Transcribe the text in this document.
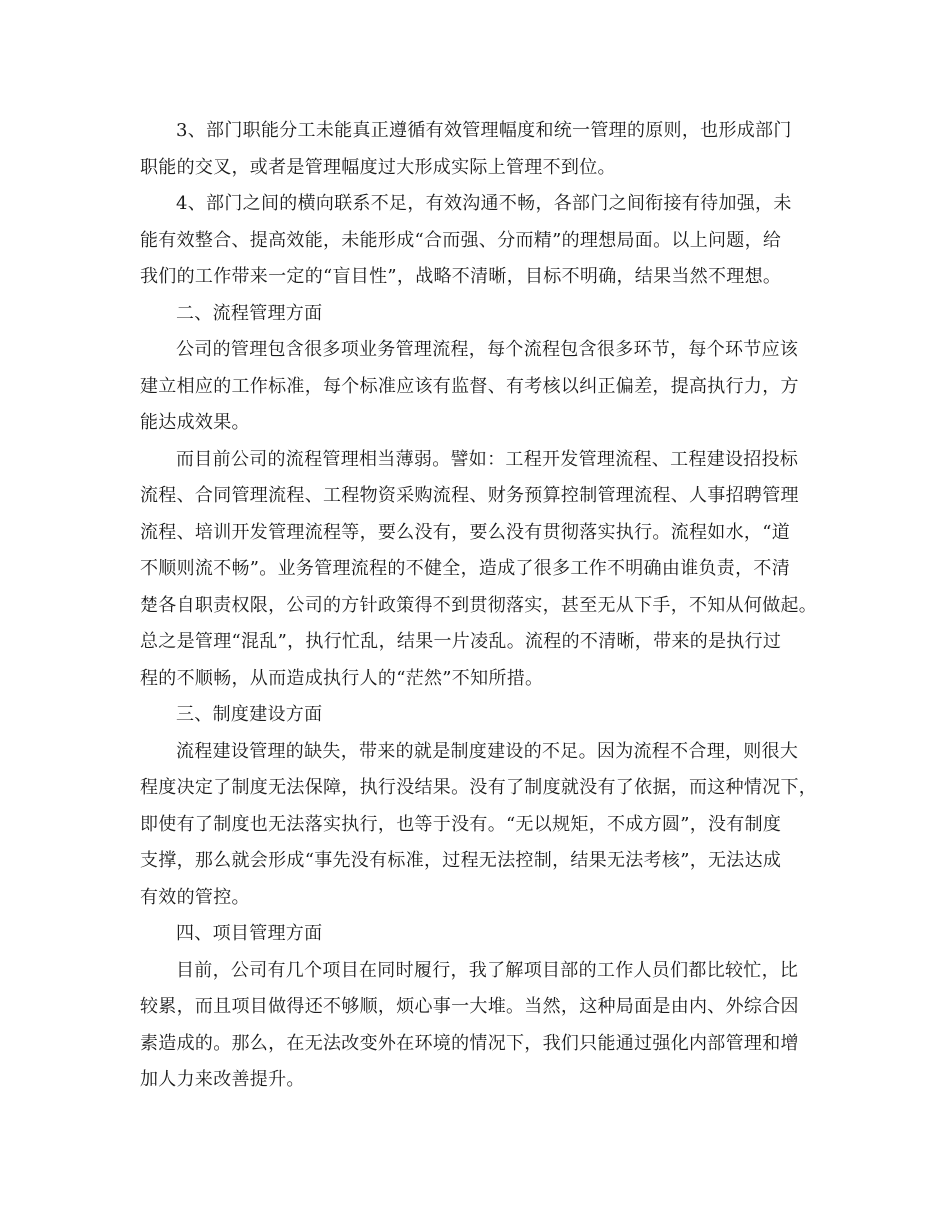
3、部门职能分工未能真正遵循有效管理幅度和统一管理的原则，也形成部门
职能的交叉，或者是管理幅度过大形成实际上管理不到位。

4、部门之间的横向联系不足，有效沟通不畅，各部门之间衔接有待加强，未
能有效整合、提高效能，未能形成“合而强、分而精”的理想局面。以上问题，给
我们的工作带来一定的“盲目性”，战略不清晰，目标不明确，结果当然不理想。

二、流程管理方面

公司的管理包含很多项业务管理流程，每个流程包含很多环节，每个环节应该
建立相应的工作标准，每个标准应该有监督、有考核以纠正偏差，提高执行力，方
能达成效果。

而目前公司的流程管理相当薄弱。譬如：工程开发管理流程、工程建设招投标
流程、合同管理流程、工程物资采购流程、财务预算控制管理流程、人事招聘管理
流程、培训开发管理流程等，要么没有，要么没有贯彻落实执行。流程如水，“道
不顺则流不畅”。业务管理流程的不健全，造成了很多工作不明确由谁负责，不清
楚各自职责权限，公司的方针政策得不到贯彻落实，甚至无从下手，不知从何做起。
总之是管理“混乱”，执行忙乱，结果一片凌乱。流程的不清晰，带来的是执行过
程的不顺畅，从而造成执行人的“茫然”不知所措。

三、制度建设方面

流程建设管理的缺失，带来的就是制度建设的不足。因为流程不合理，则很大
程度决定了制度无法保障，执行没结果。没有了制度就没有了依据，而这种情况下，
即使有了制度也无法落实执行，也等于没有。“无以规矩，不成方圆”，没有制度
支撑，那么就会形成“事先没有标准，过程无法控制，结果无法考核”，无法达成
有效的管控。

四、项目管理方面

目前，公司有几个项目在同时履行，我了解项目部的工作人员们都比较忙，比
较累，而且项目做得还不够顺，烦心事一大堆。当然，这种局面是由内、外综合因
素造成的。那么，在无法改变外在环境的情况下，我们只能通过强化内部管理和增
加人力来改善提升。
